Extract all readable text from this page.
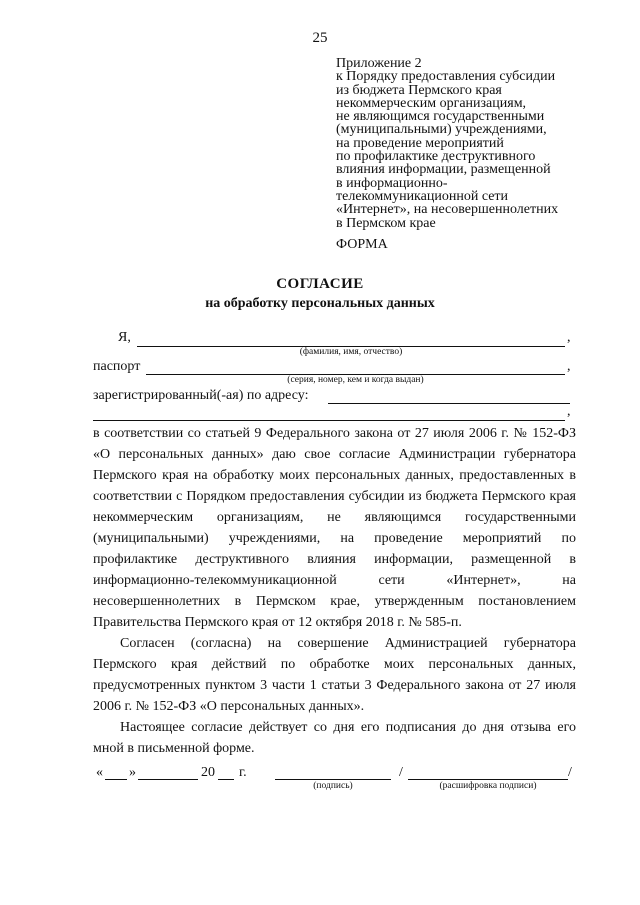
25
Приложение 2
к Порядку предоставления субсидии
из бюджета Пермского края
некоммерческим организациям,
не являющимся государственными
(муниципальными) учреждениями,
на проведение мероприятий
по профилактике деструктивного
влияния информации, размещенной
в информационно-
телекоммуникационной сети
«Интернет», на несовершеннолетних
в Пермском крае
ФОРМА
СОГЛАСИЕ
на обработку персональных данных
Я,	,
(фамилия, имя, отчество)
паспорт	,
(серия, номер, кем и когда выдан)
зарегистрированный(-ая) по адресу:
,

в соответствии со статьей 9 Федерального закона от 27 июля 2006 г. № 152-ФЗ «О персональных данных» даю свое согласие Администрации губернатора Пермского края на обработку моих персональных данных, предоставленных в соответствии с Порядком предоставления субсидии из бюджета Пермского края некоммерческим организациям, не являющимся государственными (муниципальными) учреждениями, на проведение мероприятий по профилактике деструктивного влияния информации, размещенной в информационно-телекоммуникационной сети «Интернет», на несовершеннолетних в Пермском крае, утвержденным постановлением Правительства Пермского края от 12 октября 2018 г. № 585-п.

Согласен (согласна) на совершение Администрацией губернатора Пермского края действий по обработке моих персональных данных, предусмотренных пунктом 3 части 1 статьи 3 Федерального закона от 27 июля 2006 г. № 152-ФЗ «О персональных данных».

Настоящее согласие действует со дня его подписания до дня отзыва его мной в письменной форме.

« »	20 г.
(подпись)
/	/
(расшифровка подписи)
